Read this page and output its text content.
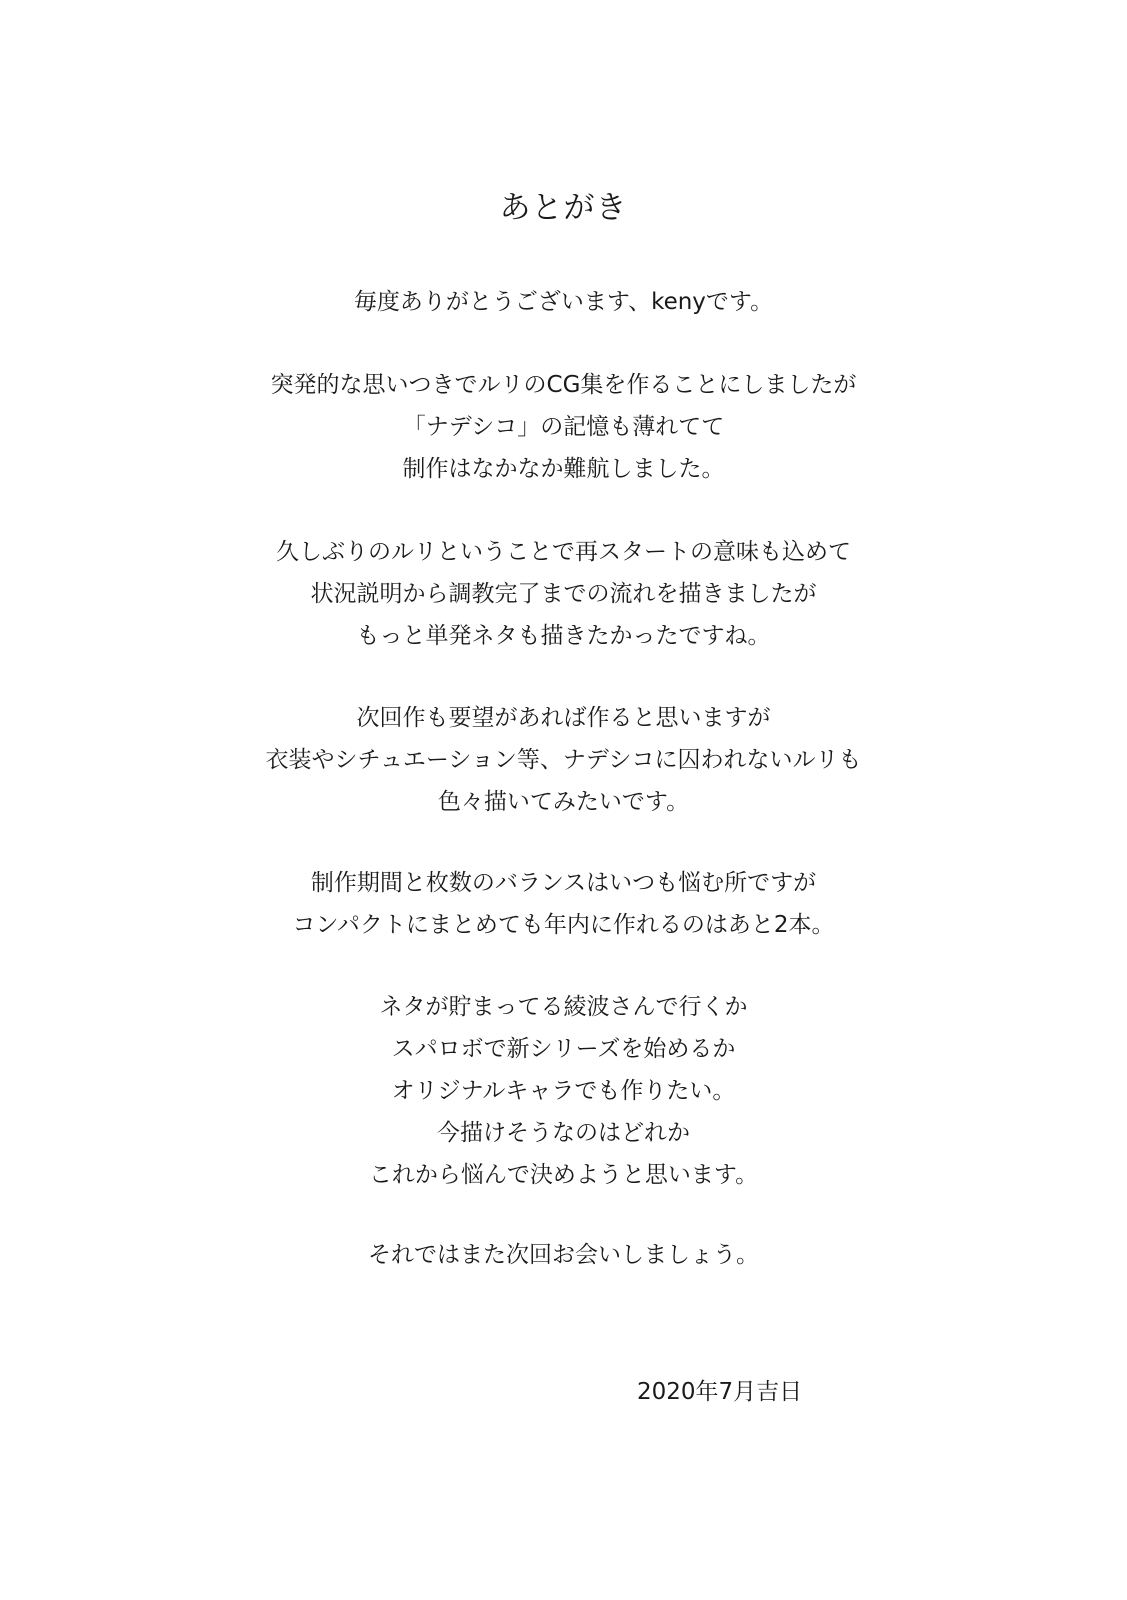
あとがき
毎度ありがとうございます、kenyです。
突発的な思いつきでルリのCG集を作ることにしましたが
「ナデシコ」の記憶も薄れてて
制作はなかなか難航しました。
久しぶりのルリということで再スタートの意味も込めて
状況説明から調教完了までの流れを描きましたが
もっと単発ネタも描きたかったですね。
次回作も要望があれば作ると思いますが
衣装やシチュエーション等、ナデシコに囚われないルリも
色々描いてみたいです。
制作期間と枚数のバランスはいつも悩む所ですが
コンパクトにまとめても年内に作れるのはあと2本。
ネタが貯まってる綾波さんで行くか
スパロボで新シリーズを始めるか
オリジナルキャラでも作りたい。
今描けそうなのはどれか
これから悩んで決めようと思います。
それではまた次回お会いしましょう。
2020年7月吉日
